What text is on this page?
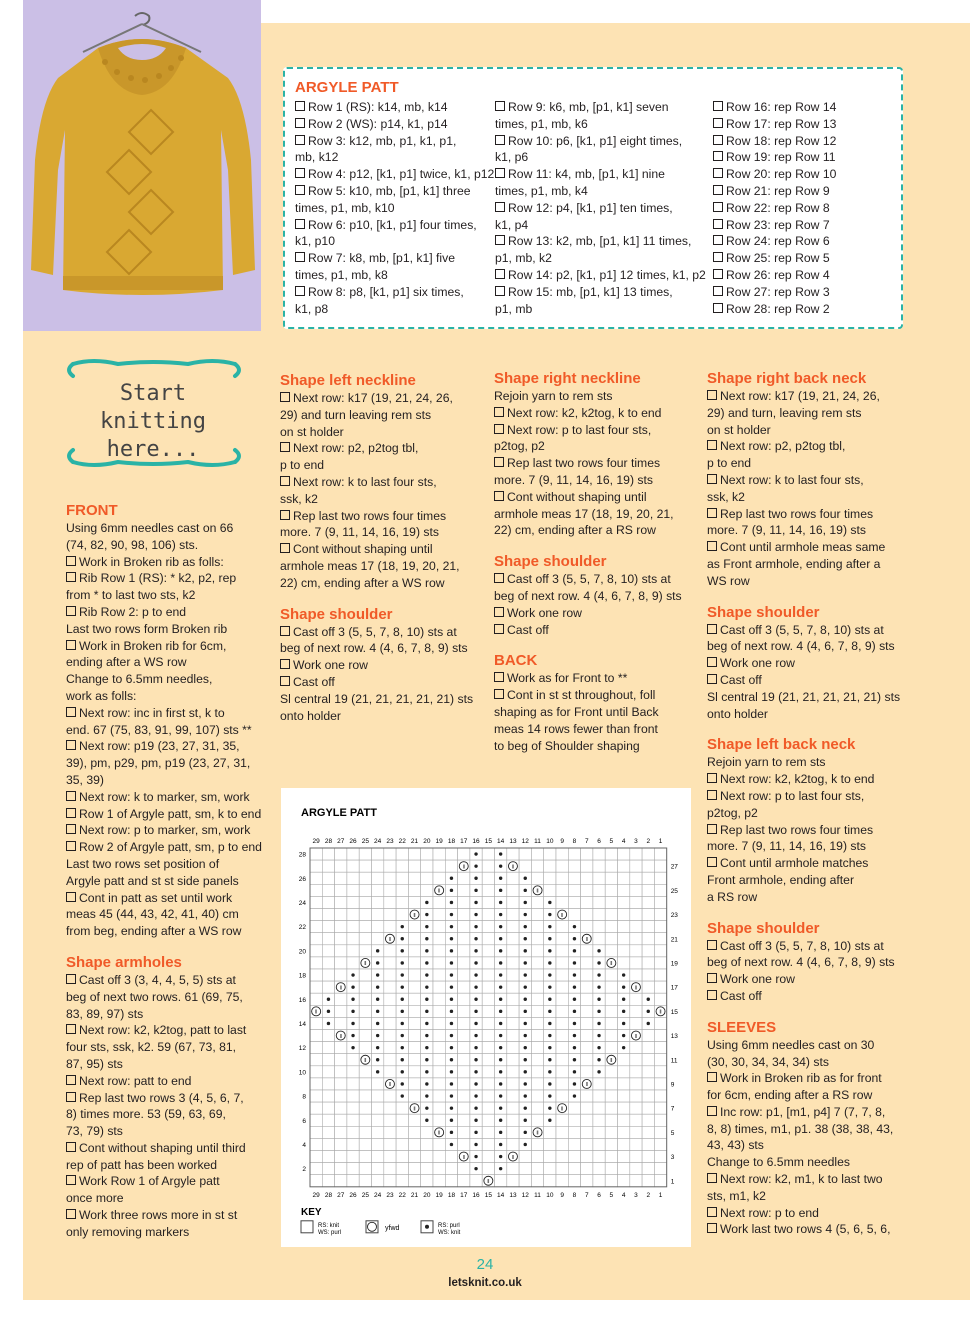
ARGYLE PATT
Row 1 (RS): k14, mb, k14
Row 2 (WS): p14, k1, p14
Row 3: k12, mb, p1, k1, p1,
mb, k12
Row 4: p12, [k1, p1] twice, k1, p12
Row 5: k10, mb, [p1, k1] three
times, p1, mb, k10
Row 6: p10, [k1, p1] four times,
k1, p10
Row 7: k8, mb, [p1, k1] five
times, p1, mb, k8
Row 8: p8, [k1, p1] six times,
k1, p8
Row 9: k6, mb, [p1, k1] seven
times, p1, mb, k6
Row 10: p6, [k1, p1] eight times,
k1, p6
Row 11: k4, mb, [p1, k1] nine
times, p1, mb, k4
Row 12: p4, [k1, p1] ten times,
k1, p4
Row 13: k2, mb, [p1, k1] 11 times,
p1, mb, k2
Row 14: p2, [k1, p1] 12 times, k1, p2
Row 15: mb, [p1, k1] 13 times,
p1, mb
Row 16: rep Row 14
Row 17: rep Row 13
Row 18: rep Row 12
Row 19: rep Row 11
Row 20: rep Row 10
Row 21: rep Row 9
Row 22: rep Row 8
Row 23: rep Row 7
Row 24: rep Row 6
Row 25: rep Row 5
Row 26: rep Row 4
Row 27: rep Row 3
Row 28: rep Row 2
Start
knitting
here...
FRONT

Using 6mm needles cast on 66

(74, 82, 90, 98, 106) sts.

Work in Broken rib as folls:

Rib Row 1 (RS): * k2, p2, rep

from * to last two sts, k2

Rib Row 2: p to end

Last two rows form Broken rib

Work in Broken rib for 6cm,

ending after a WS row

Change to 6.5mm needles,

work as folls:

Next row: inc in first st, k to

end. 67 (75, 83, 91, 99, 107) sts **

Next row: p19 (23, 27, 31, 35,

39), pm, p29, pm, p19 (23, 27, 31,

35, 39)

Next row: k to marker, sm, work

Row 1 of Argyle patt, sm, k to end

Next row: p to marker, sm, work

Row 2 of Argyle patt, sm, p to end

Last two rows set position of

Argyle patt and st st side panels

Cont in patt as set until work

meas 45 (44, 43, 42, 41, 40) cm

from beg, ending after a WS row

Shape armholes

Cast off 3 (3, 4, 4, 5, 5) sts at

beg of next two rows. 61 (69, 75,

83, 89, 97) sts

Next row: k2, k2tog, patt to last

four sts, ssk, k2. 59 (67, 73, 81,

87, 95) sts

Next row: patt to end

Rep last two rows 3 (4, 5, 6, 7,

8) times more. 53 (59, 63, 69,

73, 79) sts

Cont without shaping until third

rep of patt has been worked

Work Row 1 of Argyle patt

once more

Work three rows more in st st

only removing markers

Shape left neckline

Next row: k17 (19, 21, 24, 26,

29) and turn leaving rem sts

on st holder

Next row: p2, p2tog tbl,

p to end

Next row: k to last four sts,

ssk, k2

Rep last two rows four times

more. 7 (9, 11, 14, 16, 19) sts

Cont without shaping until

armhole meas 17 (18, 19, 20, 21,

22) cm, ending after a WS row

Shape shoulder

Cast off 3 (5, 5, 7, 8, 10) sts at

beg of next row. 4 (4, 6, 7, 8, 9) sts

Work one row

Cast off

Sl central 19 (21, 21, 21, 21, 21) sts

onto holder

Shape right neckline

Rejoin yarn to rem sts

Next row: k2, k2tog, k to end

Next row: p to last four sts,

p2tog, p2

Rep last two rows four times

more. 7 (9, 11, 14, 16, 19) sts

Cont without shaping until

armhole meas 17 (18, 19, 20, 21,

22) cm, ending after a RS row

Shape shoulder

Cast off 3 (5, 5, 7, 8, 10) sts at

beg of next row. 4 (4, 6, 7, 8, 9) sts

Work one row

Cast off

BACK

Work as for Front to **

Cont in st st throughout, foll

shaping as for Front until Back

meas 14 rows fewer than front

to beg of Shoulder shaping

Shape right back neck

Next row: k17 (19, 21, 24, 26,

29) and turn, leaving rem sts

on st holder

Next row: p2, p2tog tbl,

p to end

Next row: k to last four sts,

ssk, k2

Rep last two rows four times

more. 7 (9, 11, 14, 16, 19) sts

Cont until armhole meas same

as Front armhole, ending after a

WS row

Shape shoulder

Cast off 3 (5, 5, 7, 8, 10) sts at

beg of next row. 4 (4, 6, 7, 8, 9) sts

Work one row

Cast off

Sl central 19 (21, 21, 21, 21, 21) sts

onto holder

Shape left back neck

Rejoin yarn to rem sts

Next row: k2, k2tog, k to end

Next row: p to last four sts,

p2tog, p2

Rep last two rows four times

more. 7 (9, 11, 14, 16, 19) sts

Cont until armhole matches

Front armhole, ending after

a RS row

Shape shoulder

Cast off 3 (5, 5, 7, 8, 10) sts at

beg of next row. 4 (4, 6, 7, 8, 9) sts

Work one row

Cast off

SLEEVES

Using 6mm needles cast on 30

(30, 30, 34, 34, 34) sts

Work in Broken rib as for front

for 6cm, ending after a RS row

Inc row: p1, [m1, p4] 7 (7, 7, 8,

8, 8) times, m1, p1. 38 (38, 38, 43,

43, 43) sts

Change to 6.5mm needles

Next row: k2, m1, k to last two

sts, m1, k2

Next row: p to end

Work last two rows 4 (5, 6, 5, 6,

ARGYLE PATT
29
29
28
28
27
27
26
26
25
25
24
24
23
23
22
22
21
21
20
20
19
19
18
18
17
17
16
16
15
15
14
14
13
13
12
12
11
11
10
10
9
9
8
8
7
7
6
6
5
5
4
4
3
3
2
2
1
1
2
4
6
8
10
12
14
16
18
20
22
24
26
28
1
3
5
7
9
11
13
15
17
19
21
23
25
27
ǁ
ǁ	ǁ
ǁ	ǁ
ǁ	ǁ
ǁ	ǁ
ǁ	ǁ
ǁ	ǁ
ǁ	ǁ
ǁ	ǁ
ǁ	ǁ
ǁ	ǁ
ǁ	ǁ
ǁ	ǁ
ǁ	ǁ
KEY
RS: knit
WS: purl
yfwd	RS: purl
WS: knit
24
letsknit.co.uk
